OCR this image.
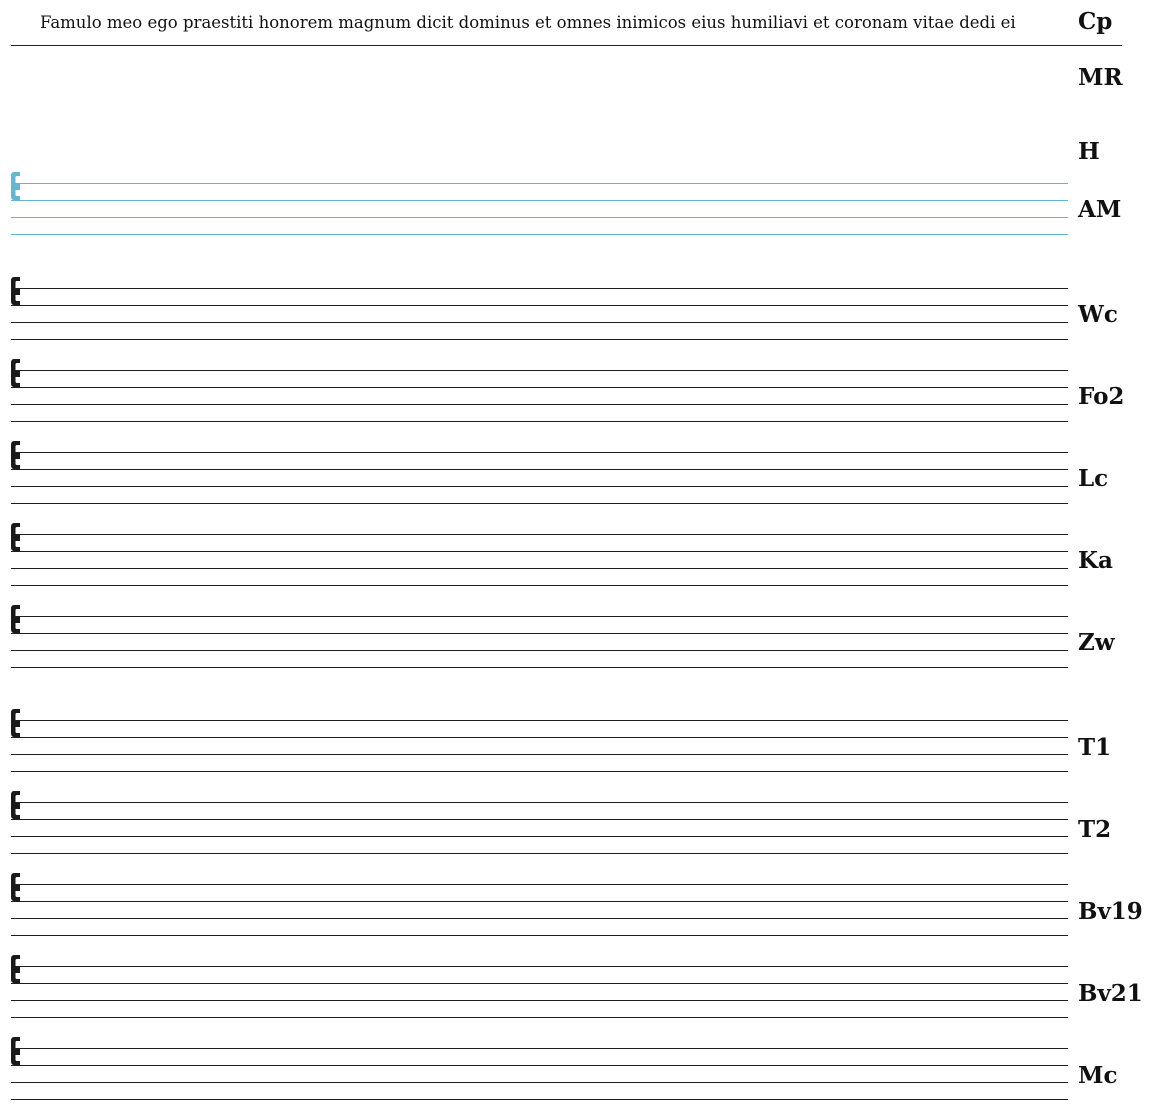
Famulo meo ego praestiti honorem magnum dicit dominus et omnes inimicos eius humiliavi et coronam vitae dedi ei	Cp
MR
H
AM
Wc
Fo2
Lc
Ka
Zw
T1
T2
Bv19
Bv21
Mc
